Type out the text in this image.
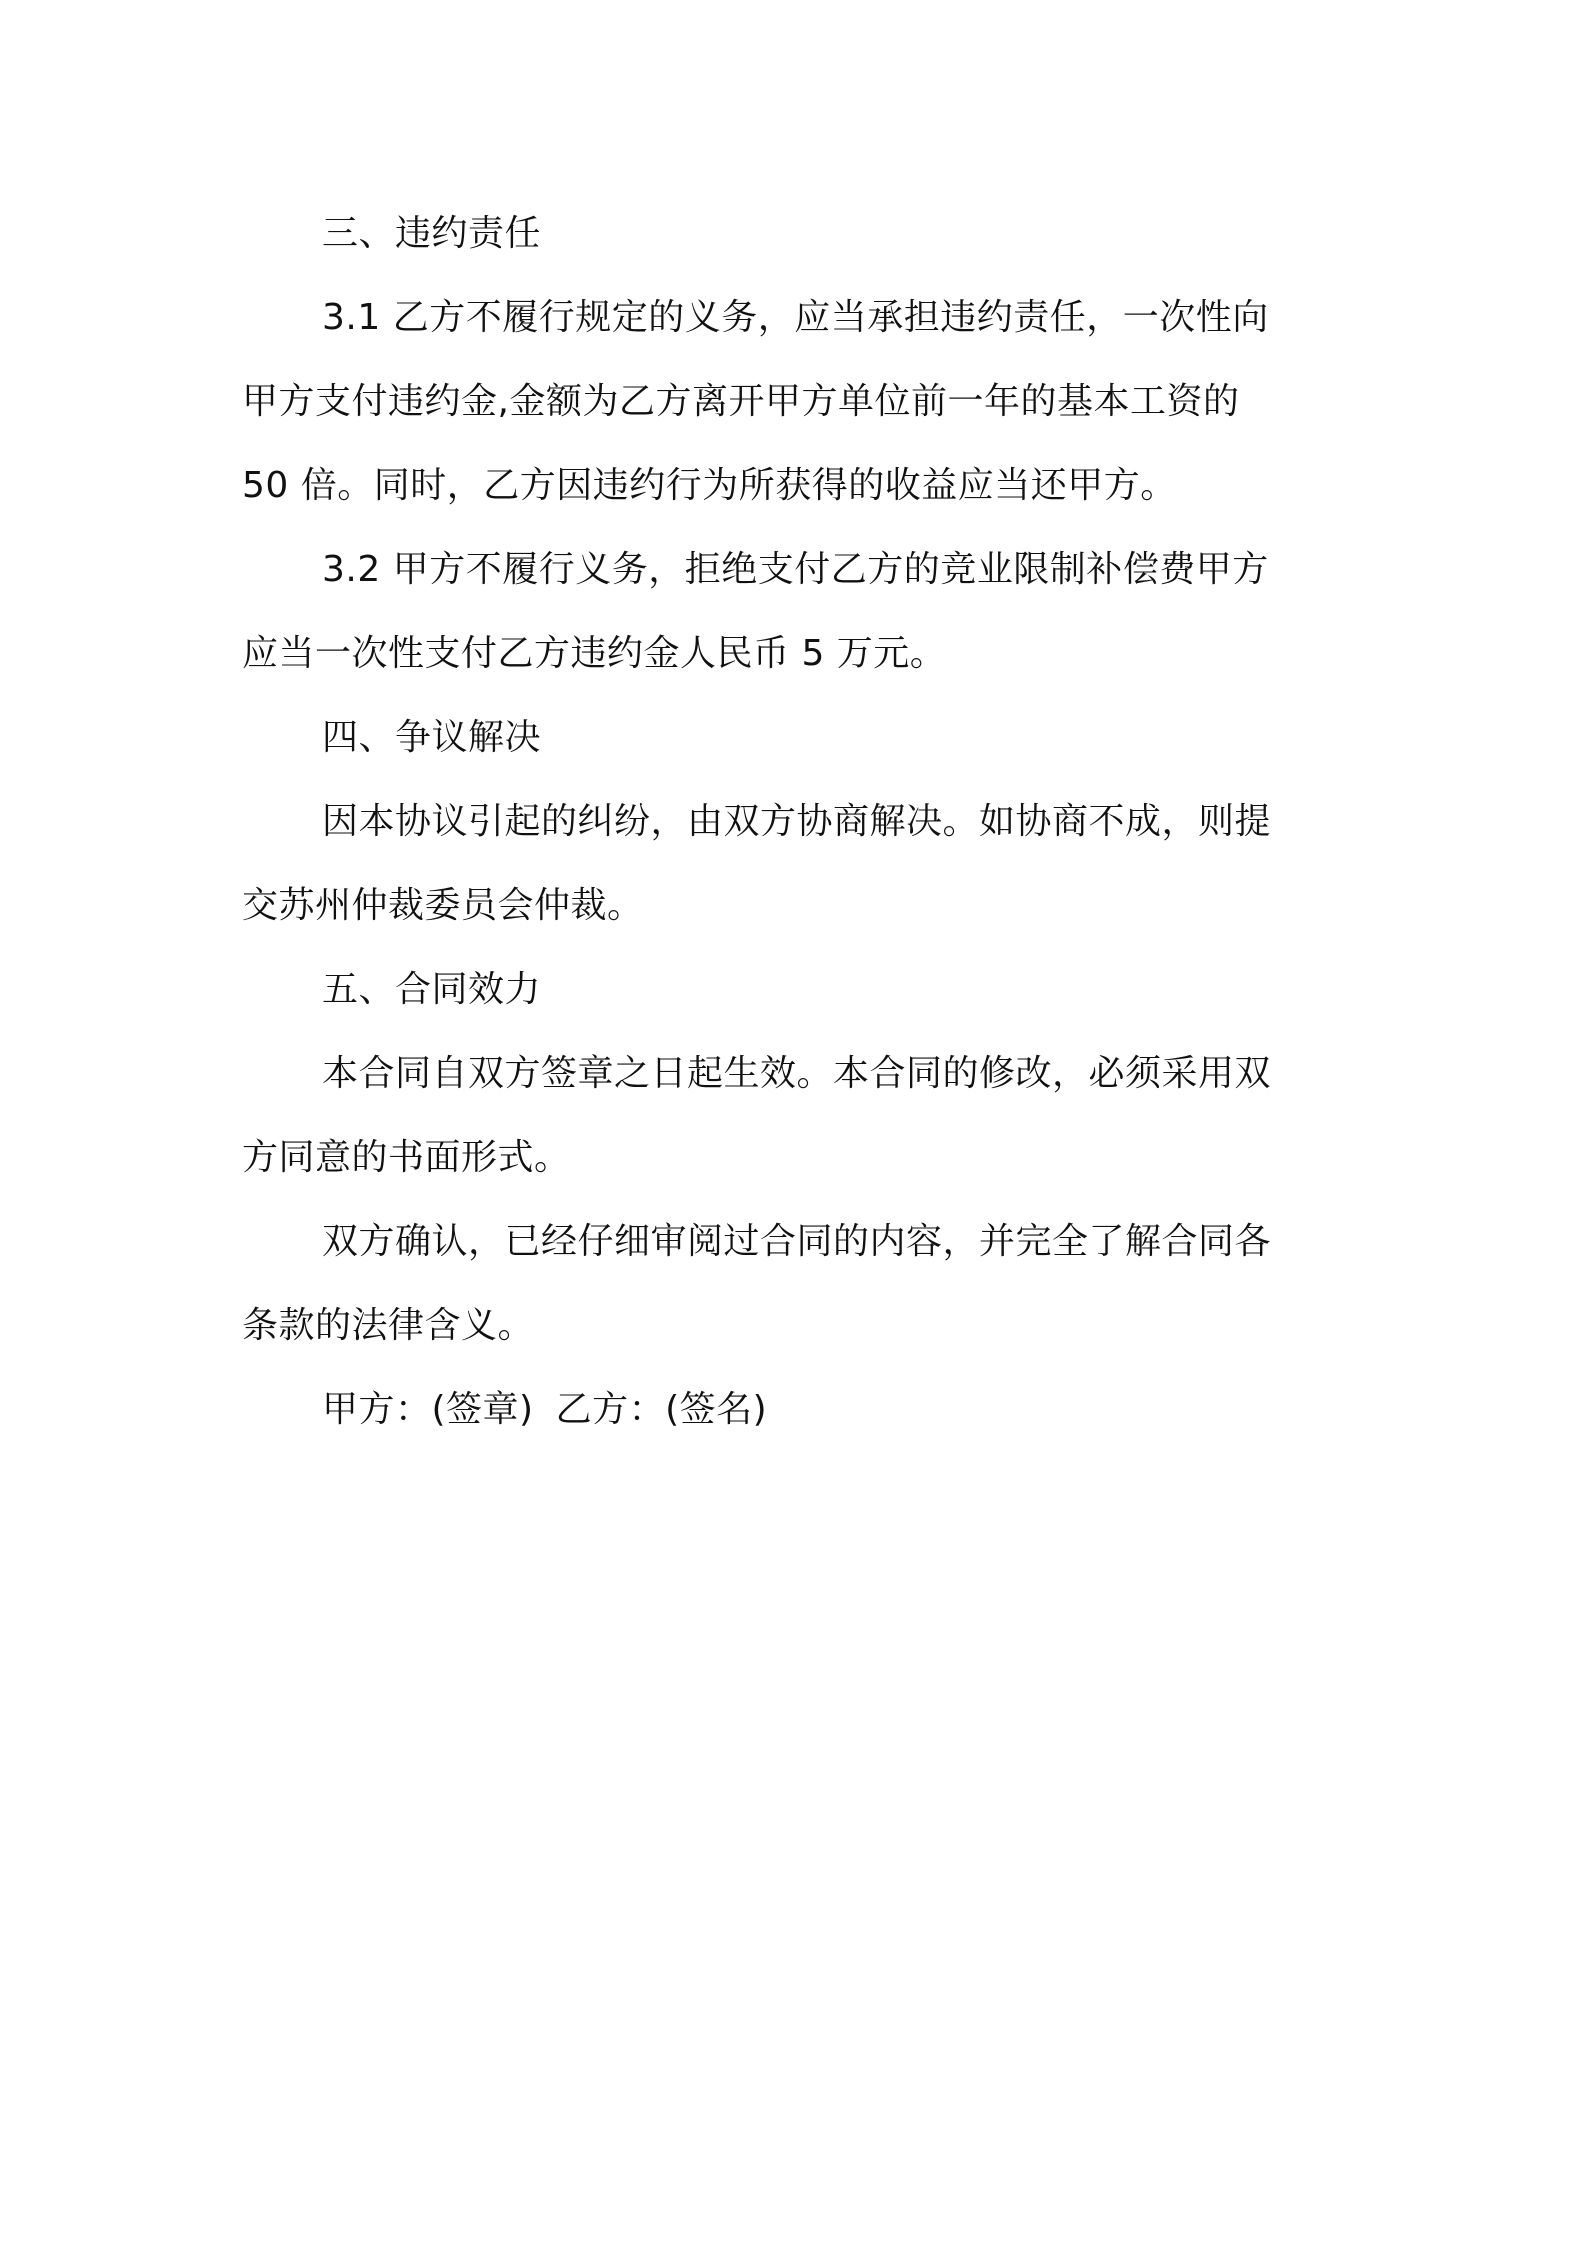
三、违约责任
3.1 乙方不履行规定的义务，应当承担违约责任，一次性向
甲方支付违约金,金额为乙方离开甲方单位前一年的基本工资的
50 倍。同时，乙方因违约行为所获得的收益应当还甲方。
3.2 甲方不履行义务，拒绝支付乙方的竞业限制补偿费甲方
应当一次性支付乙方违约金人民币 5 万元。
四、争议解决
因本协议引起的纠纷，由双方协商解决。如协商不成，则提
交苏州仲裁委员会仲裁。
五、合同效力
本合同自双方签章之日起生效。本合同的修改，必须采用双
方同意的书面形式。
双方确认，已经仔细审阅过合同的内容，并完全了解合同各
条款的法律含义。
甲方：(签章) 乙方：(签名)
